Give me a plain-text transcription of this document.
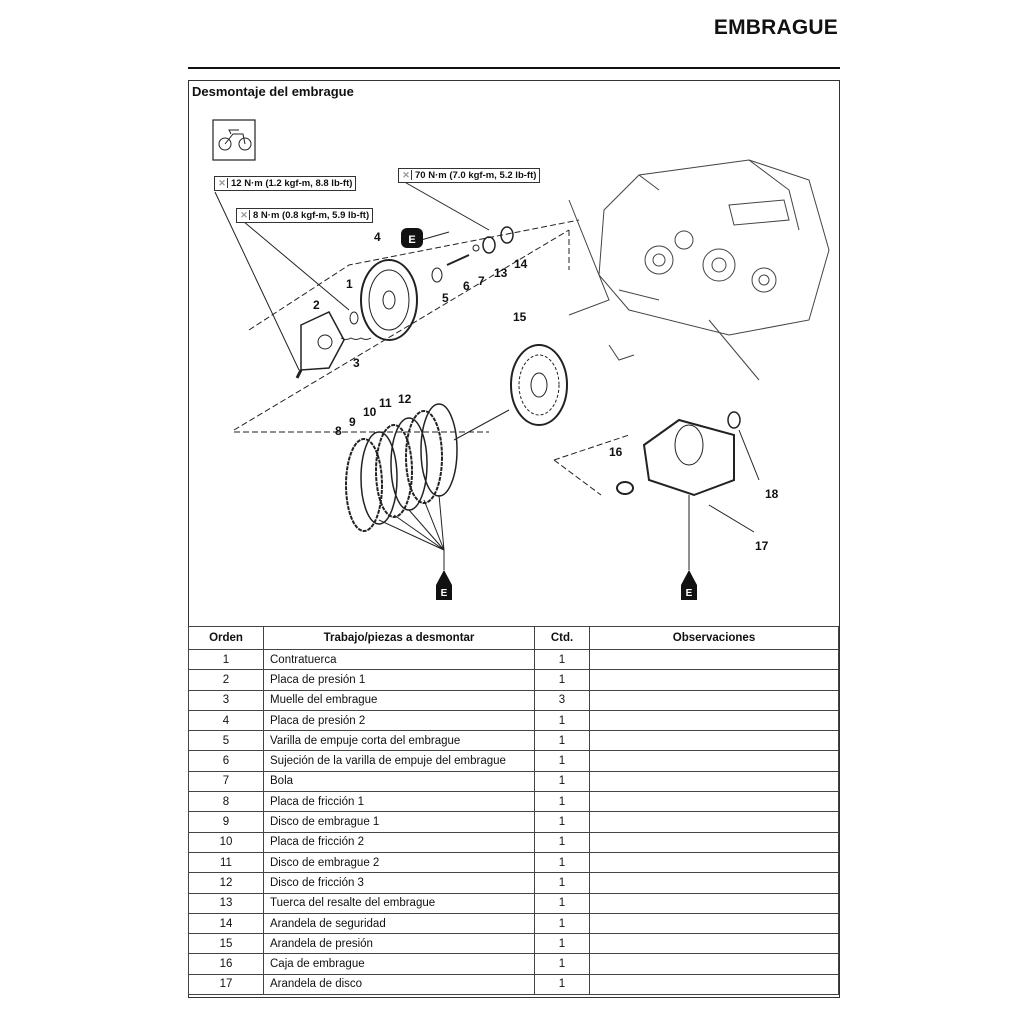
EMBRAGUE
Desmontaje del embrague
E
E	E
✕ 12 N·m (1.2 kgf-m, 8.8 lb-ft)
✕ 8 N·m (0.8 kgf-m, 5.9 lb-ft)
✕ 70 N·m (7.0 kgf-m, 5.2 lb-ft)
1
2
3
4
5
6 7
13
14
15
8
9
10
11 12
16
17
18
Orden	Trabajo/piezas a desmontar	Ctd.	Observaciones
1	Contratuerca	1	
2	Placa de presión 1	1	
3	Muelle del embrague	3	
4	Placa de presión 2	1	
5	Varilla de empuje corta del embrague	1	
6	Sujeción de la varilla de empuje del embrague	1	
7	Bola	1	
8	Placa de fricción 1	1	
9	Disco de embrague 1	1	
10	Placa de fricción 2	1	
11	Disco de embrague 2	1	
12	Disco de fricción 3	1	
13	Tuerca del resalte del embrague	1	
14	Arandela de seguridad	1	
15	Arandela de presión	1	
16	Caja de embrague	1	
17	Arandela de disco	1	
